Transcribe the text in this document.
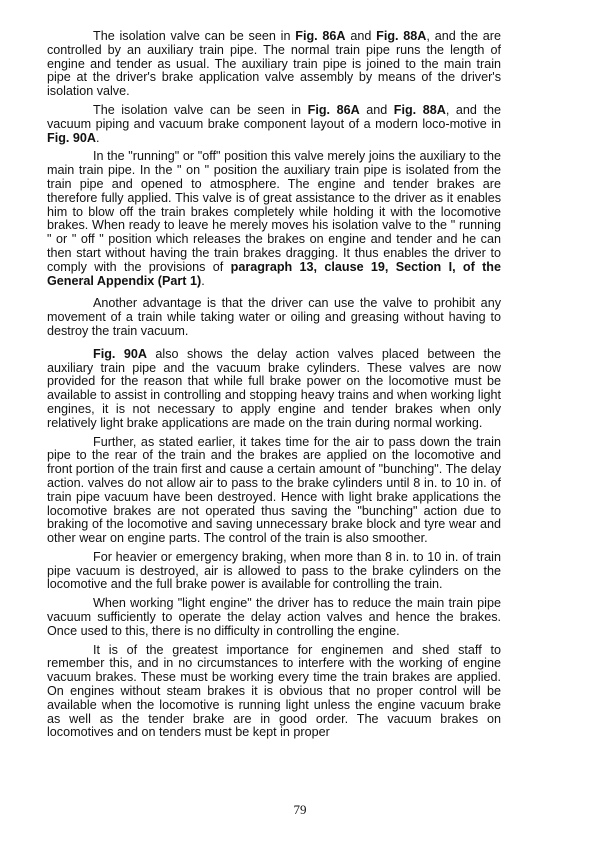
The isolation valve can be seen in Fig. 86A and Fig. 88A, and the are controlled by an auxiliary train pipe. The normal train pipe runs the length of engine and tender as usual. The auxiliary train pipe is joined to the main train pipe at the driver's brake application valve assembly by means of the driver's isolation valve.

The isolation valve can be seen in Fig. 86A and Fig. 88A, and the vacuum piping and vacuum brake component layout of a modern loco-motive in Fig. 90A.

In the "running" or "off" position this valve merely joins the auxiliary to the main train pipe. In the " on " position the auxiliary train pipe is isolated from the train pipe and opened to atmosphere. The engine and tender brakes are therefore fully applied. This valve is of great assistance to the driver as it enables him to blow off the train brakes completely while holding it with the locomotive brakes. When ready to leave he merely moves his isolation valve to the " running " or " off " position which releases the brakes on engine and tender and he can then start without having the train brakes dragging. It thus enables the driver to comply with the provisions of paragraph 13, clause 19, Section I, of the General Appendix (Part 1).

Another advantage is that the driver can use the valve to prohibit any movement of a train while taking water or oiling and greasing without having to destroy the train vacuum.

Fig. 90A also shows the delay action valves placed between the auxiliary train pipe and the vacuum brake cylinders. These valves are now provided for the reason that while full brake power on the locomotive must be available to assist in controlling and stopping heavy trains and when working light engines, it is not necessary to apply engine and tender brakes when only relatively light brake applications are made on the train during normal working.

Further, as stated earlier, it takes time for the air to pass down the train pipe to the rear of the train and the brakes are applied on the locomotive and front portion of the train first and cause a certain amount of "bunching". The delay action. valves do not allow air to pass to the brake cylinders until 8 in. to 10 in. of train pipe vacuum have been destroyed. Hence with light brake applications the locomotive brakes are not operated thus saving the "bunching" action due to braking of the locomotive and saving unnecessary brake block and tyre wear and other wear on engine parts. The control of the train is also smoother.

For heavier or emergency braking, when more than 8 in. to 10 in. of train pipe vacuum is destroyed, air is allowed to pass to the brake cylinders on the locomotive and the full brake power is available for controlling the train.

When working "light engine" the driver has to reduce the main train pipe vacuum sufficiently to operate the delay action valves and hence the brakes. Once used to this, there is no difficulty in controlling the engine.

It is of the greatest importance for enginemen and shed staff to remember this, and in no circumstances to interfere with the working of engine vacuum brakes. These must be working every time the train brakes are applied. On engines without steam brakes it is obvious that no proper control will be available when the locomotive is running light unless the engine vacuum brake as well as the tender brake are in good order. The vacuum brakes on locomotives and on tenders must be kept in proper

79
